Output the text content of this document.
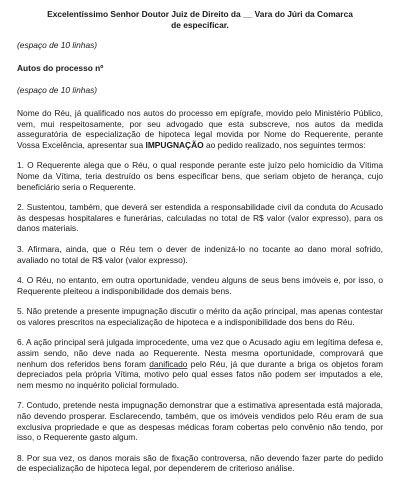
Excelentíssimo Senhor Doutor Juiz de Direito da __ Vara do Júri da Comarca
de especificar.
(espaço de 10 linhas)
Autos do processo nº
(espaço de 10 linhas)
Nome do Réu, já qualificado nos autos do processo em epígrafe, movido pelo Ministério Público, vem, mui respeitosamente, por seu advogado que esta subscreve, nos autos da medida asseguratória de especialização de hipoteca legal movida por Nome do Requerente, perante Vossa Excelência, apresentar sua IMPUGNAÇÃO ao pedido realizado, nos seguintes termos:
1. O Requerente alega que o Réu, o qual responde perante este juízo pelo homicídio da Vítima Nome da Vítima, teria destruído os bens especificar bens, que seriam objeto de herança, cujo beneficiário seria o Requerente.
2. Sustentou, também, que deverá ser estendida a responsabilidade civil da conduta do Acusado às despesas hospitalares e funerárias, calculadas no total de R$ valor (valor expresso), para os danos materiais.
3. Afirmara, ainda, que o Réu tem o dever de indenizá-lo no tocante ao dano moral sofrido, avaliado no total de R$ valor (valor expresso).
4. O Réu, no entanto, em outra oportunidade, vendeu alguns de seus bens imóveis e, por isso, o Requerente pleiteou a indisponibilidade dos demais bens.
5. Não pretende a presente impugnação discutir o mérito da ação principal, mas apenas contestar os valores prescritos na especialização de hipoteca e a indisponibilidade dos bens do Réu.
6. A ação principal será julgada improcedente, uma vez que o Acusado agiu em legítima defesa e, assim sendo, não deve nada ao Requerente. Nesta mesma oportunidade, comprovará que nenhum dos referidos bens foram danificado pelo Réu, já que durante a briga os objetos foram depreciados pela própria Vítima, motivo pelo qual esses fatos não podem ser imputados a ele, nem mesmo no inquérito policial formulado.
7. Contudo, pretende nesta impugnação demonstrar que a estimativa apresentada está majorada, não devendo prosperar. Esclarecendo, também, que os imóveis vendidos pelo Réu eram de sua exclusiva propriedade e que as despesas médicas foram cobertas pelo convênio não tendo, por isso, o Requerente gasto algum.
8. Por sua vez, os danos morais são de fixação controversa, não devendo fazer parte do pedido de especialização de hipoteca legal, por dependerem de criterioso análise.
